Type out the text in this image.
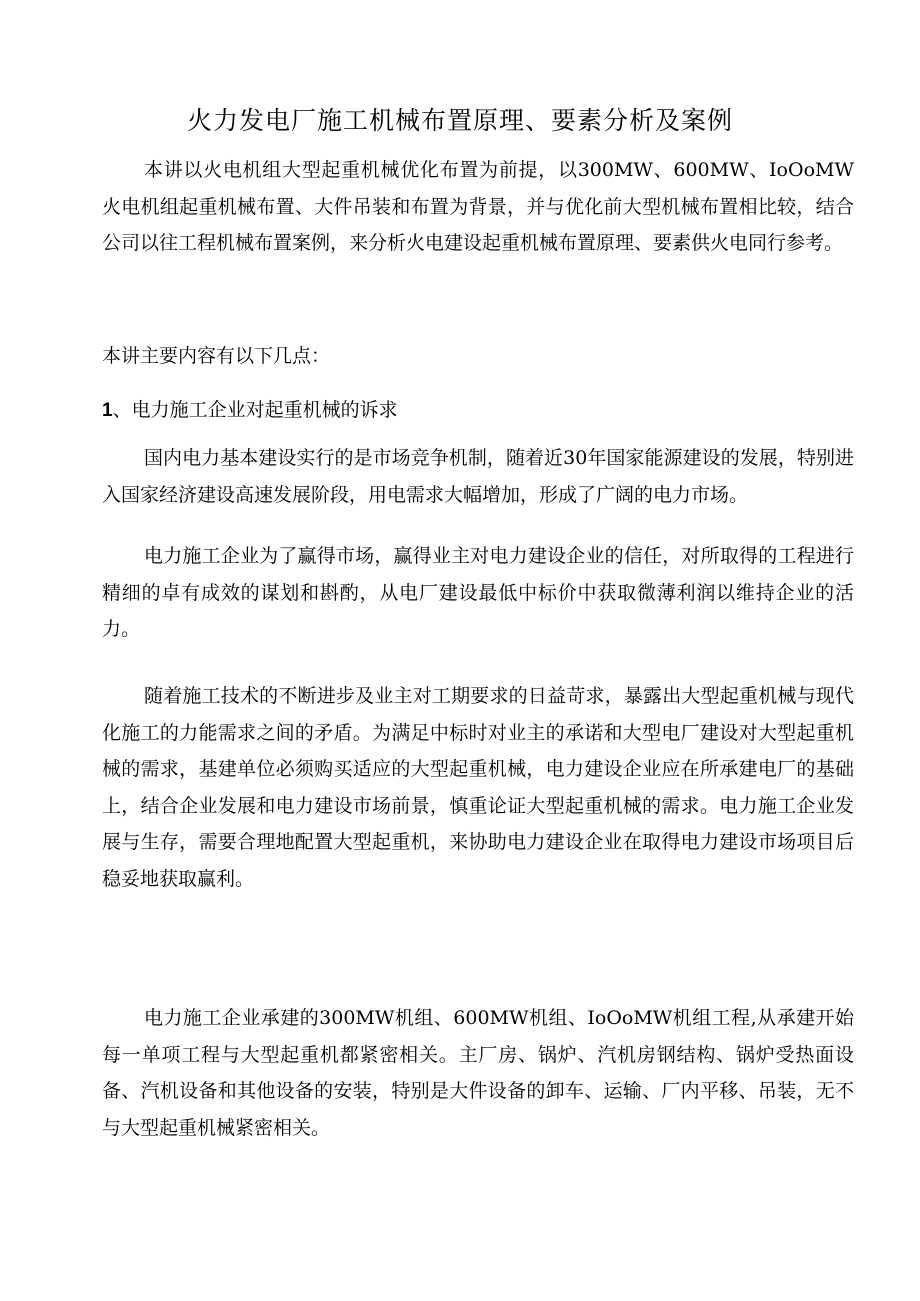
火力发电厂施工机械布置原理、要素分析及案例
本讲以火电机组大型起重机械优化布置为前提，以300MW、600MW、IoOoMW火电机组起重机械布置、大件吊装和布置为背景，并与优化前大型机械布置相比较，结合公司以往工程机械布置案例，来分析火电建设起重机械布置原理、要素供火电同行参考。
本讲主要内容有以下几点：
1、电力施工企业对起重机械的诉求
国内电力基本建设实行的是市场竞争机制，随着近30年国家能源建设的发展，特别进入国家经济建设高速发展阶段，用电需求大幅增加，形成了广阔的电力市场。
电力施工企业为了赢得市场，赢得业主对电力建设企业的信任，对所取得的工程进行精细的卓有成效的谋划和斟酌，从电厂建设最低中标价中获取微薄利润以维持企业的活力。
随着施工技术的不断进步及业主对工期要求的日益苛求，暴露出大型起重机械与现代化施工的力能需求之间的矛盾。为满足中标时对业主的承诺和大型电厂建设对大型起重机械的需求，基建单位必须购买适应的大型起重机械，电力建设企业应在所承建电厂的基础上，结合企业发展和电力建设市场前景，慎重论证大型起重机械的需求。电力施工企业发展与生存，需要合理地配置大型起重机，来协助电力建设企业在取得电力建设市场项目后稳妥地获取赢利。
电力施工企业承建的300MW机组、600MW机组、IoOoMW机组工程,从承建开始每一单项工程与大型起重机都紧密相关。主厂房、锅炉、汽机房钢结构、锅炉受热面设备、汽机设备和其他设备的安装，特别是大件设备的卸车、运输、厂内平移、吊装，无不与大型起重机械紧密相关。
